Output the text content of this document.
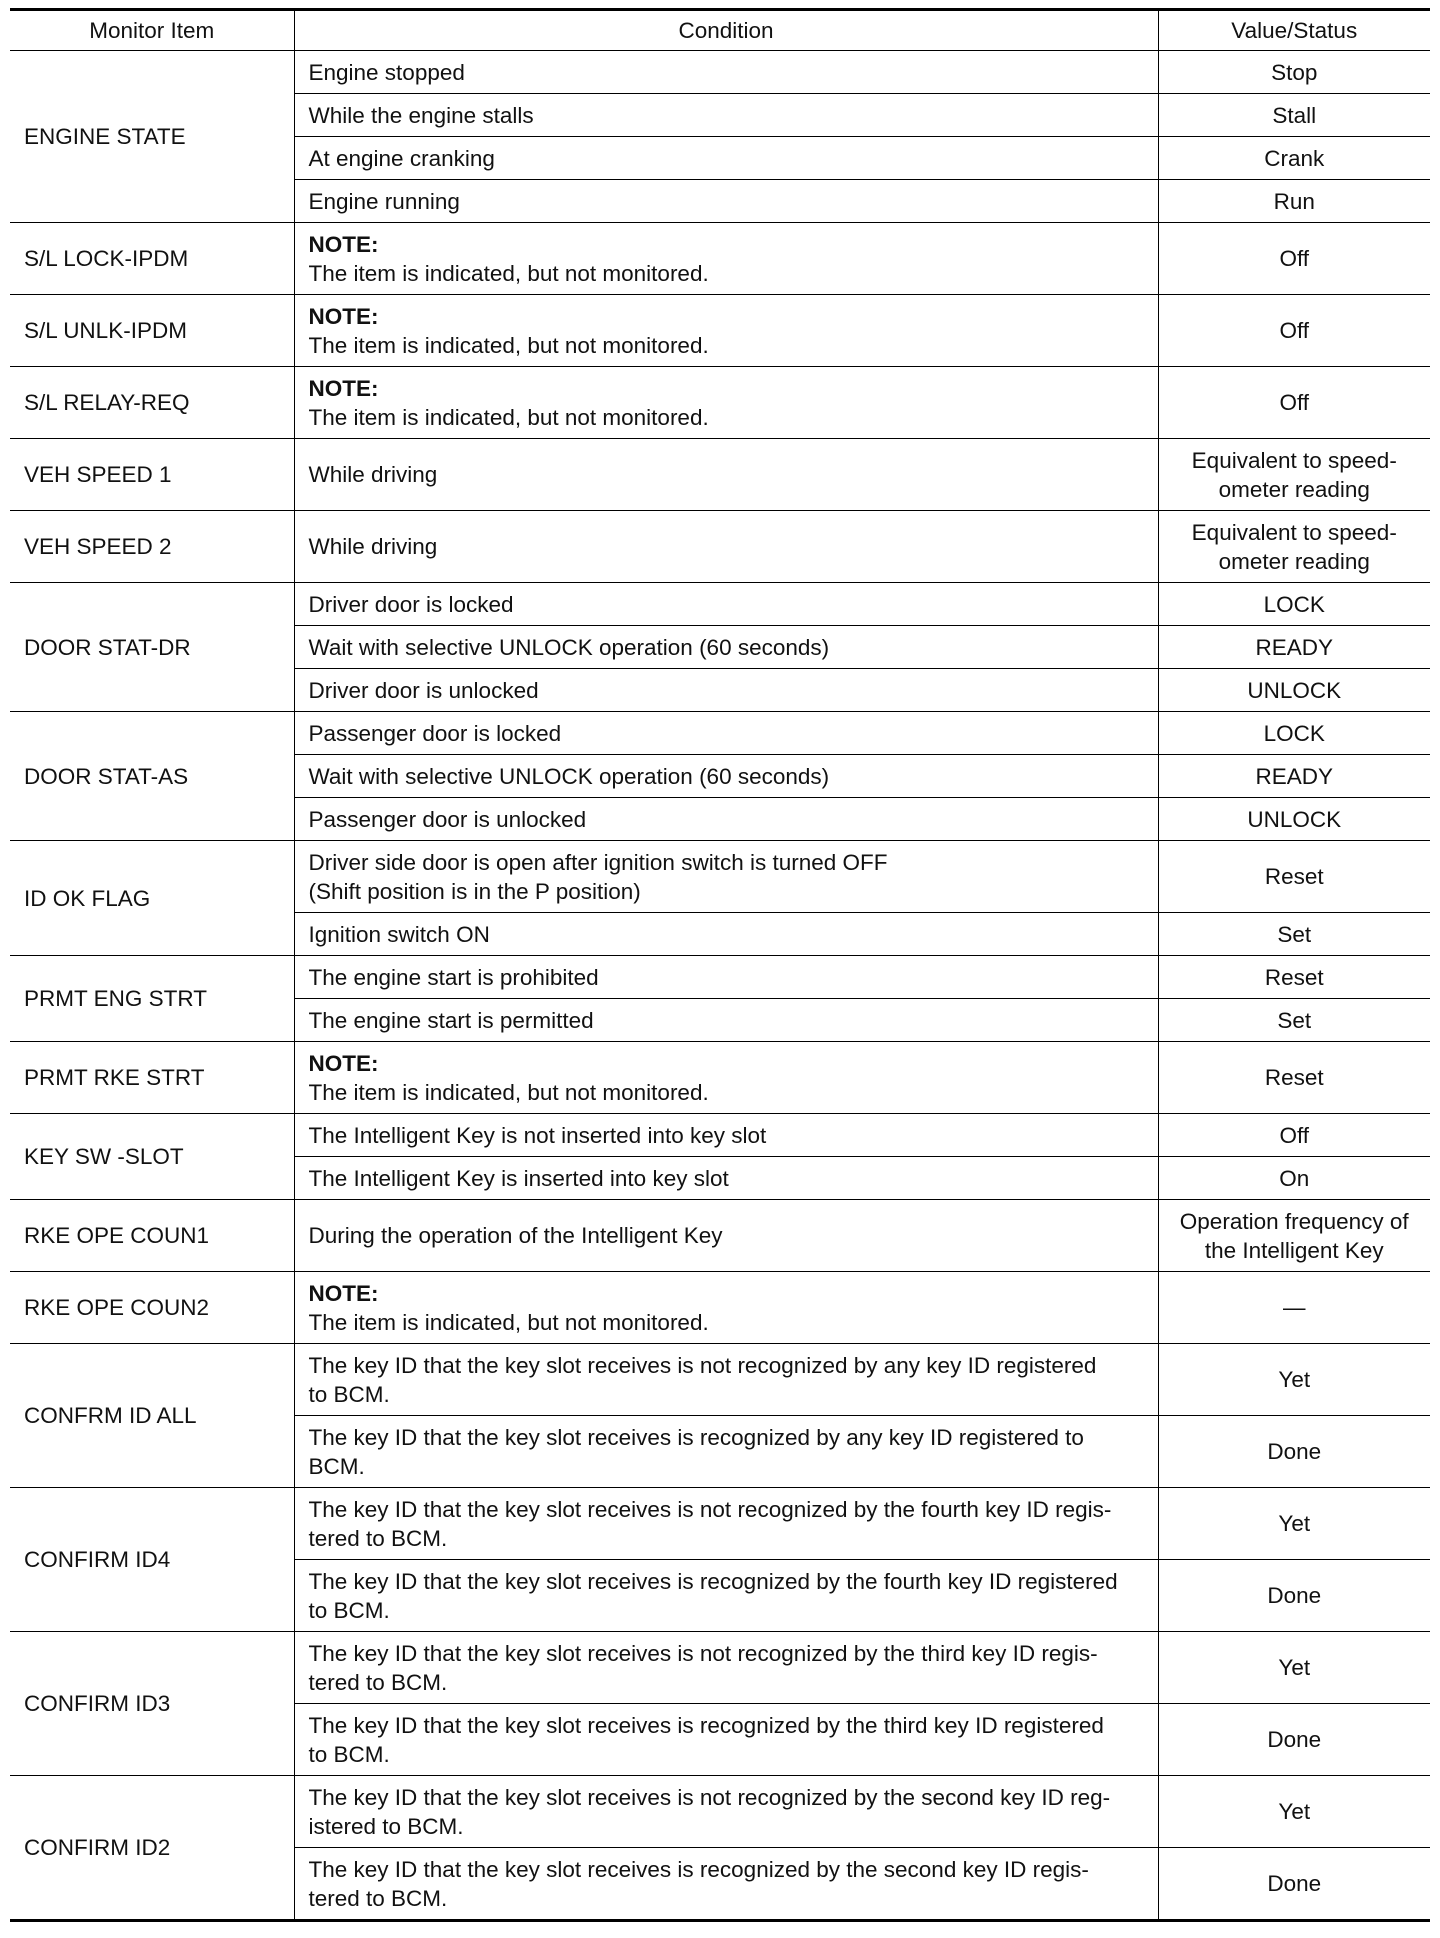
Monitor Item	Condition	Value/Status
ENGINE STATE	Engine stopped	Stop
	While the engine stalls	Stall
	At engine cranking	Crank
	Engine running	Run
S/L LOCK-IPDM	NOTE:
The item is indicated, but not monitored.	Off
S/L UNLK-IPDM	NOTE:
The item is indicated, but not monitored.	Off
S/L RELAY-REQ	NOTE:
The item is indicated, but not monitored.	Off
VEH SPEED 1	While driving	Equivalent to speed-
ometer reading
VEH SPEED 2	While driving	Equivalent to speed-
ometer reading
DOOR STAT-DR	Driver door is locked	LOCK
	Wait with selective UNLOCK operation (60 seconds)	READY
	Driver door is unlocked	UNLOCK
DOOR STAT-AS	Passenger door is locked	LOCK
	Wait with selective UNLOCK operation (60 seconds)	READY
	Passenger door is unlocked	UNLOCK
ID OK FLAG	Driver side door is open after ignition switch is turned OFF
(Shift position is in the P position)	Reset
	Ignition switch ON	Set
PRMT ENG STRT	The engine start is prohibited	Reset
	The engine start is permitted	Set
PRMT RKE STRT	NOTE:
The item is indicated, but not monitored.	Reset
KEY SW -SLOT	The Intelligent Key is not inserted into key slot	Off
	The Intelligent Key is inserted into key slot	On
RKE OPE COUN1	During the operation of the Intelligent Key	Operation frequency of
the Intelligent Key
RKE OPE COUN2	NOTE:
The item is indicated, but not monitored.	—
CONFRM ID ALL	The key ID that the key slot receives is not recognized by any key ID registered
to BCM.	Yet
	The key ID that the key slot receives is recognized by any key ID registered to
BCM.	Done
CONFIRM ID4	The key ID that the key slot receives is not recognized by the fourth key ID regis-
tered to BCM.	Yet
	The key ID that the key slot receives is recognized by the fourth key ID registered
to BCM.	Done
CONFIRM ID3	The key ID that the key slot receives is not recognized by the third key ID regis-
tered to BCM.	Yet
	The key ID that the key slot receives is recognized by the third key ID registered
to BCM.	Done
CONFIRM ID2	The key ID that the key slot receives is not recognized by the second key ID reg-
istered to BCM.	Yet
	The key ID that the key slot receives is recognized by the second key ID regis-
tered to BCM.	Done
